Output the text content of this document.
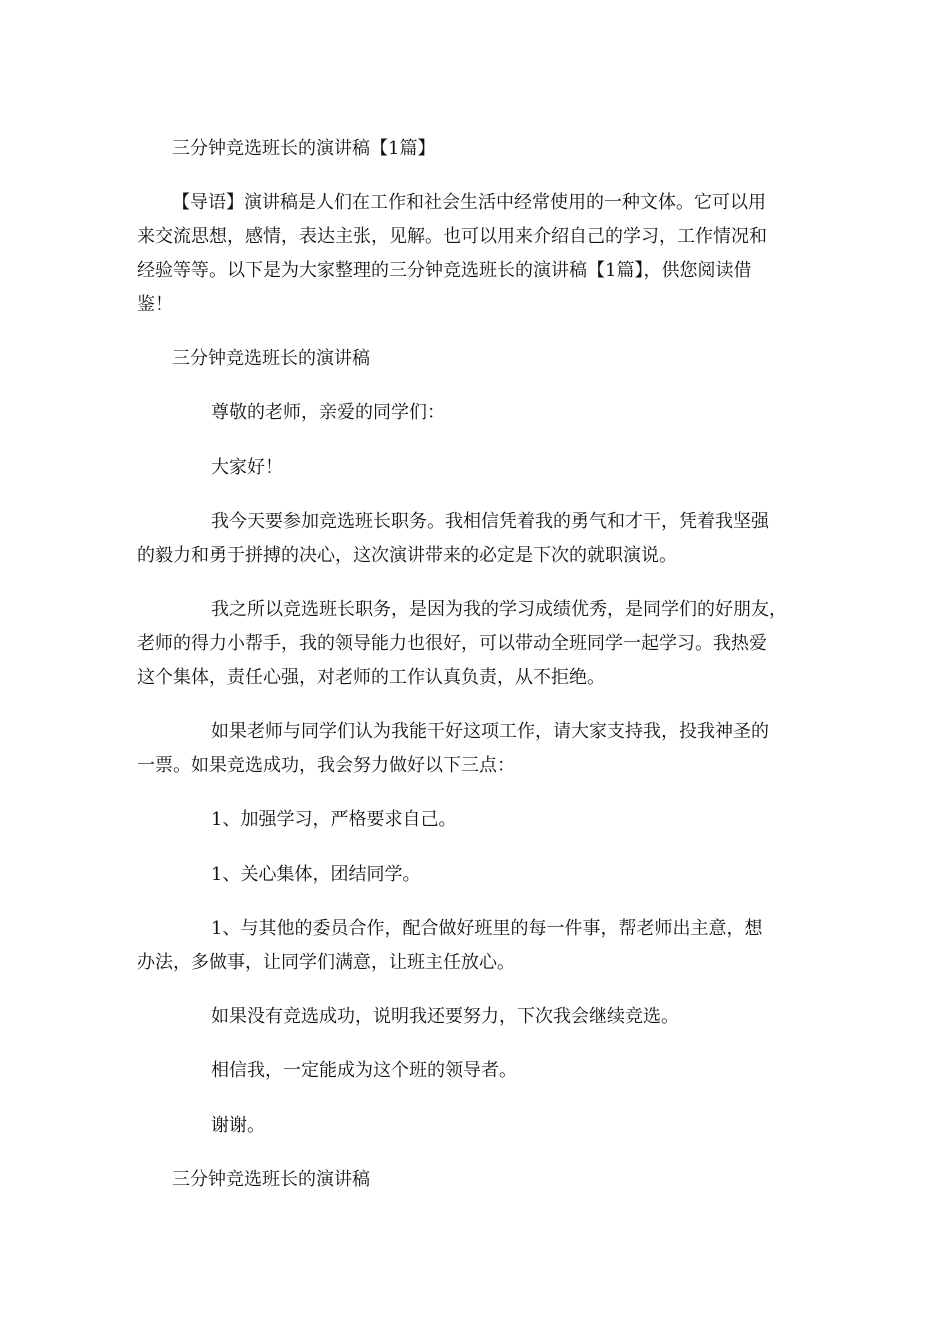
三分钟竞选班长的演讲稿【1篇】

【导语】演讲稿是人们在工作和社会生活中经常使用的一种文体。它可以用

来交流思想，感情，表达主张，见解。也可以用来介绍自己的学习，工作情况和

经验等等。以下是为大家整理的三分钟竞选班长的演讲稿【1篇】，供您阅读借

鉴！

三分钟竞选班长的演讲稿

尊敬的老师，亲爱的同学们：

大家好！

我今天要参加竞选班长职务。我相信凭着我的勇气和才干，凭着我坚强

的毅力和勇于拼搏的决心，这次演讲带来的必定是下次的就职演说。

我之所以竞选班长职务，是因为我的学习成绩优秀，是同学们的好朋友，

老师的得力小帮手，我的领导能力也很好，可以带动全班同学一起学习。我热爱

这个集体，责任心强，对老师的工作认真负责，从不拒绝。

如果老师与同学们认为我能干好这项工作，请大家支持我，投我神圣的

一票。如果竞选成功，我会努力做好以下三点：

1、加强学习，严格要求自己。

1、关心集体，团结同学。

1、与其他的委员合作，配合做好班里的每一件事，帮老师出主意，想

办法，多做事，让同学们满意，让班主任放心。

如果没有竞选成功，说明我还要努力，下次我会继续竞选。

相信我，一定能成为这个班的领导者。

谢谢。

三分钟竞选班长的演讲稿
